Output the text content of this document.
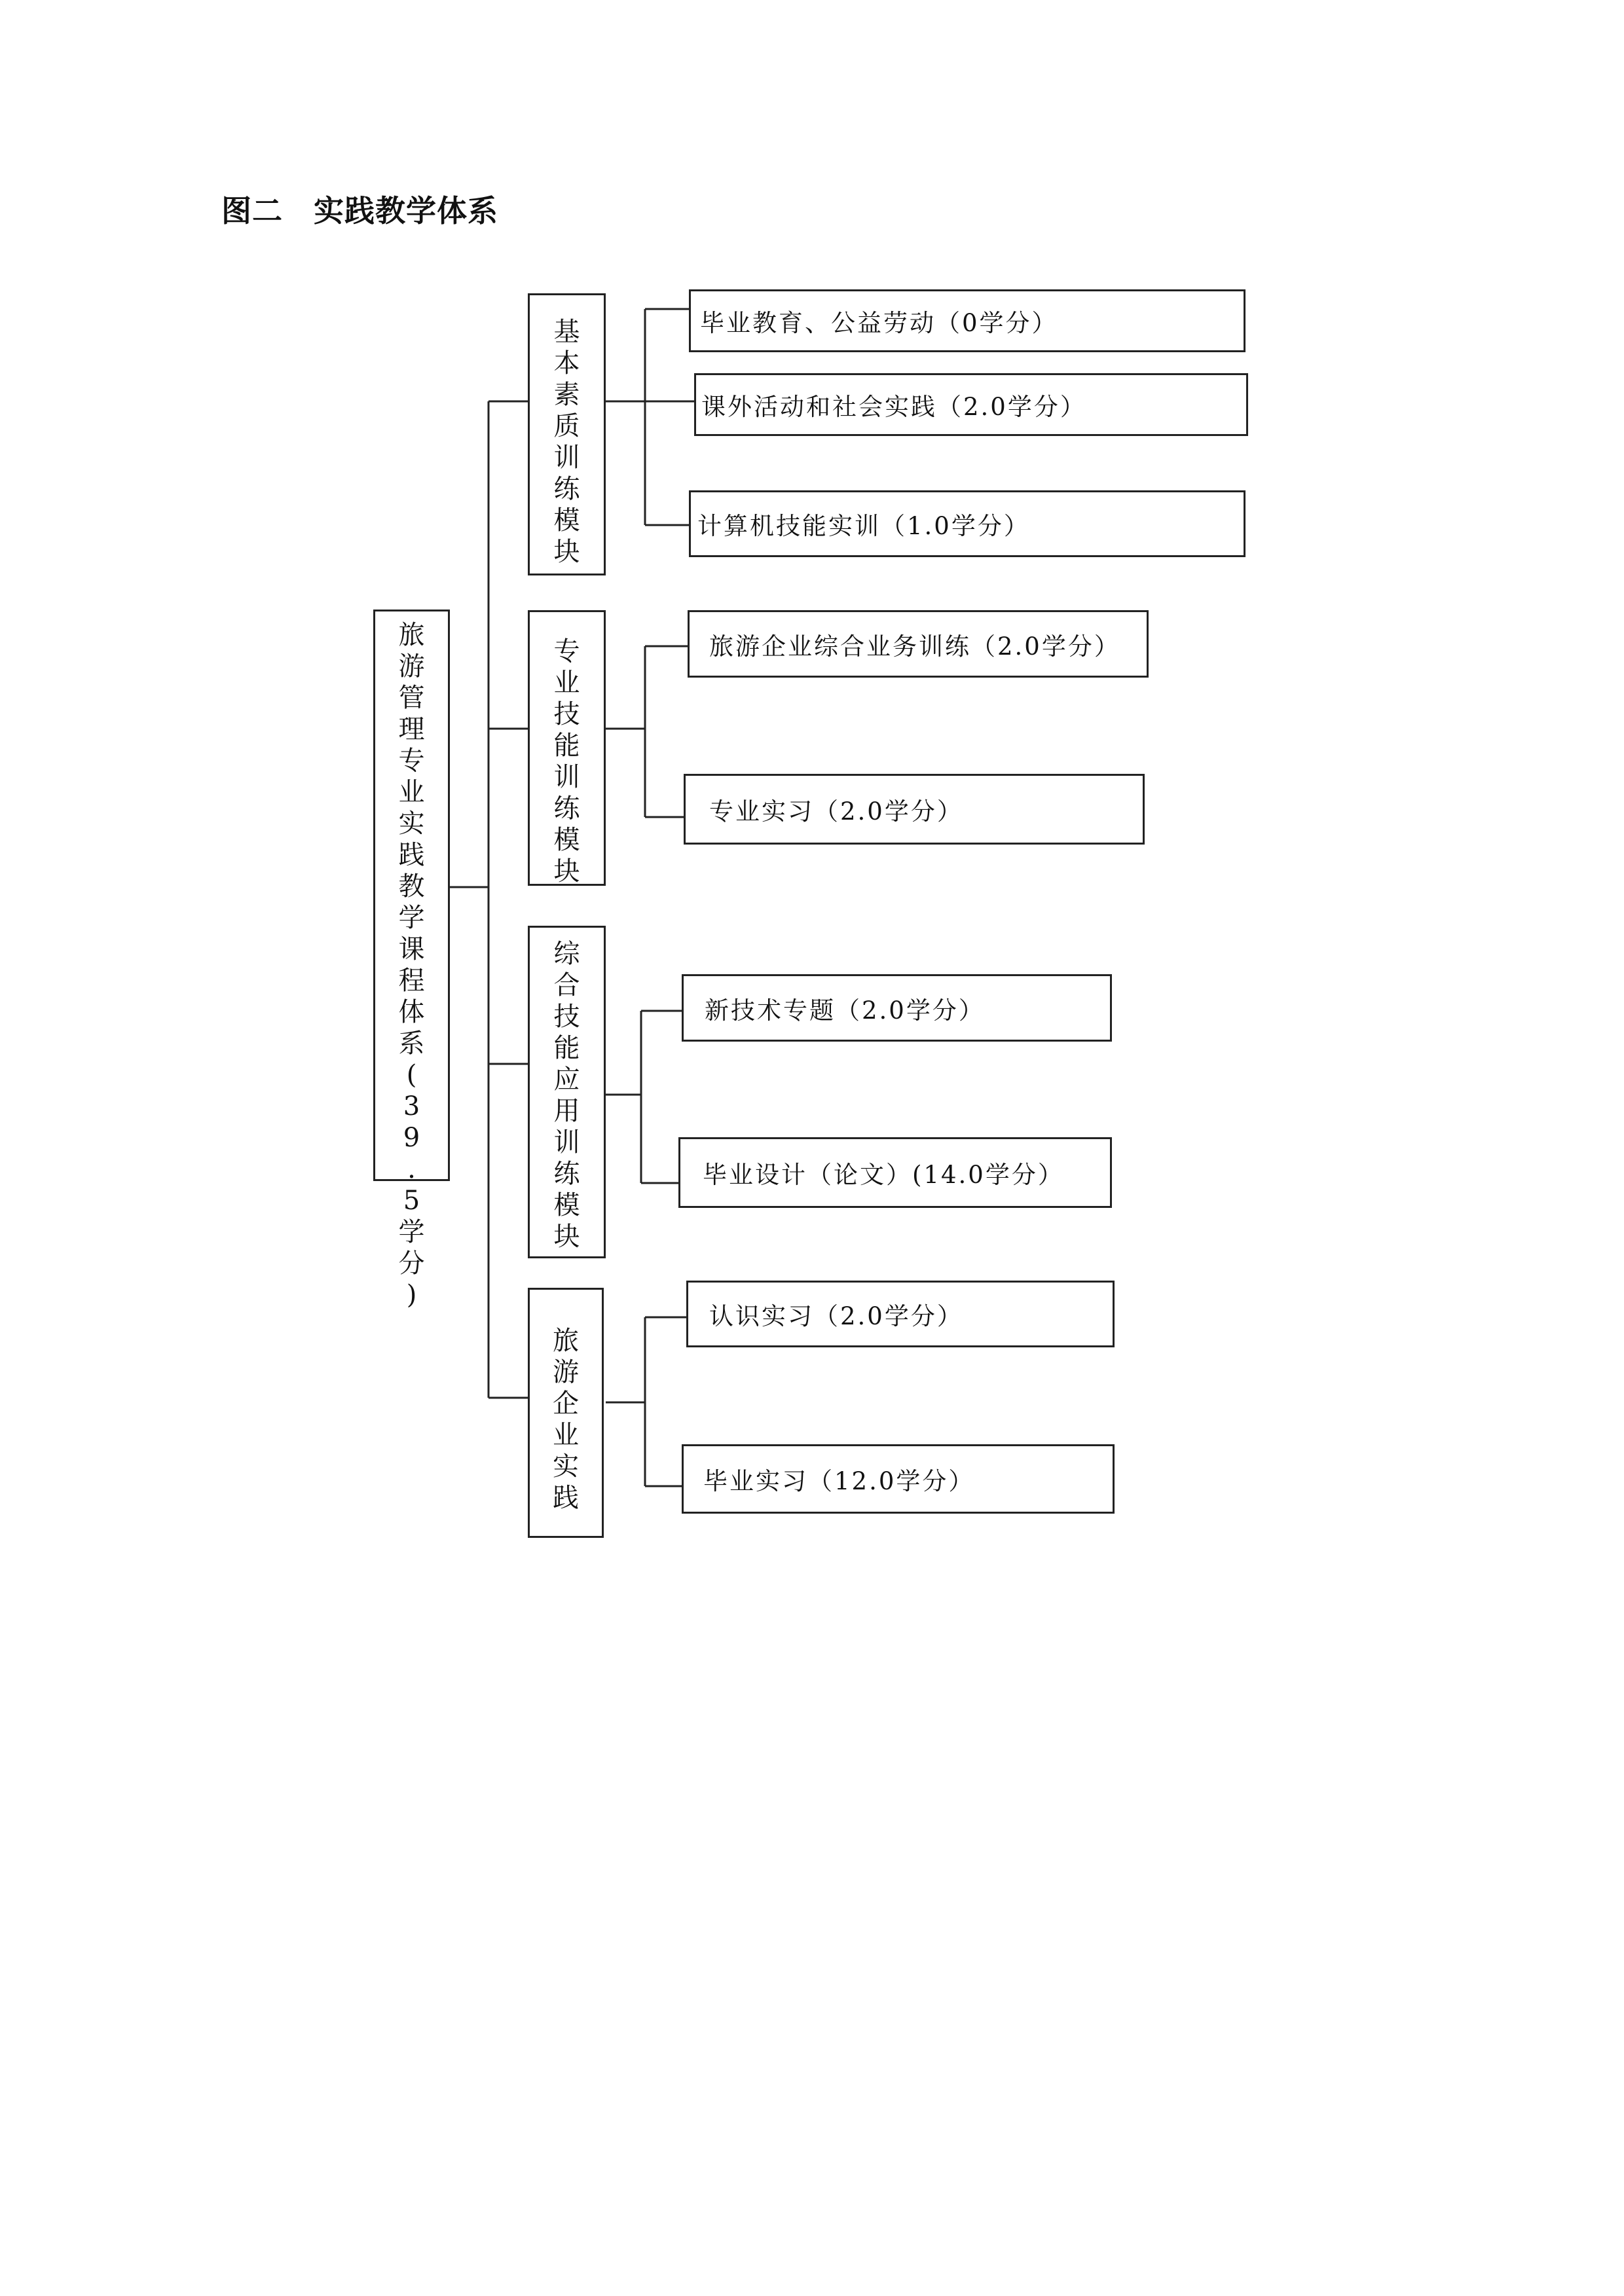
图二　实践教学体系
旅
游
管
理
专
业
实
践
教
学
课
程
体
系
(
3
9
.
5
学
分
)
基
本
素
质
训
练
模
块
专
业
技
能
训
练
模
块
综
合
技
能
应
用
训
练
模
块
旅
游
企
业
实
践
毕业教育、公益劳动（0学分）
课外活动和社会实践（2.0学分）
计算机技能实训（1.0学分）
旅游企业综合业务训练（2.0学分）
专业实习（2.0学分）
新技术专题（2.0学分）
毕业设计（论文）(14.0学分）
认识实习（2.0学分）
毕业实习（12.0学分）
